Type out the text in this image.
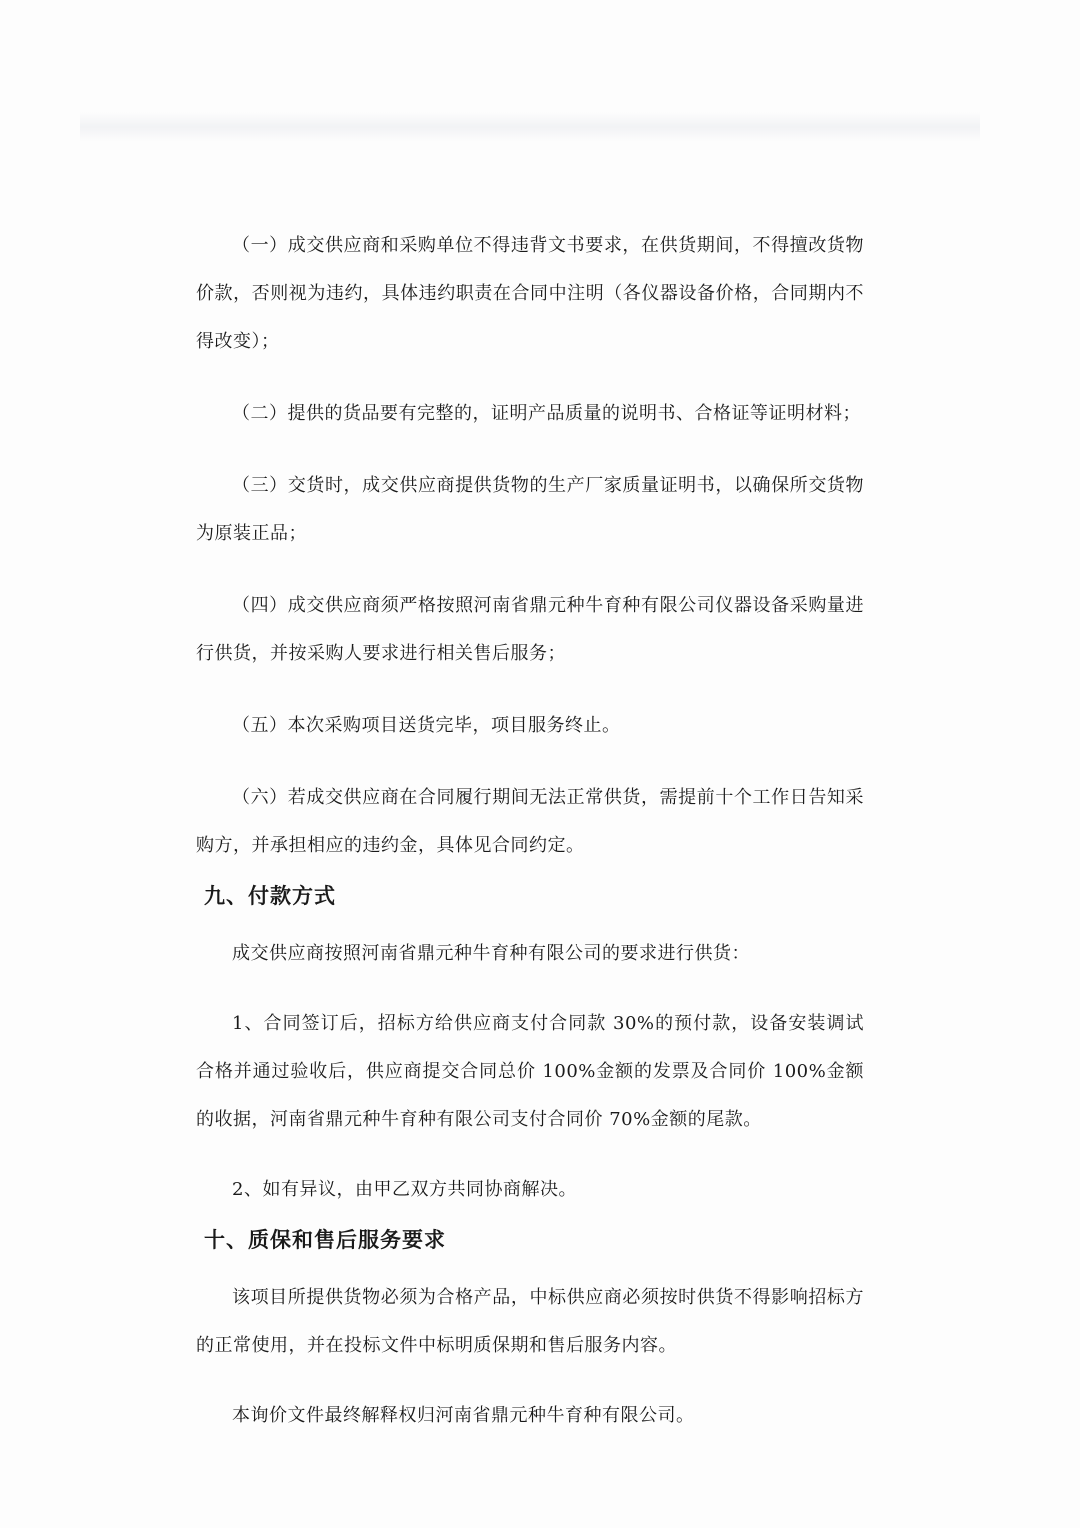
（一）成交供应商和采购单位不得违背文书要求，在供货期间，不得擅改货物价款，否则视为违约，具体违约职责在合同中注明（各仪器设备价格，合同期内不得改变）；

（二）提供的货品要有完整的，证明产品质量的说明书、合格证等证明材料；

（三）交货时，成交供应商提供货物的生产厂家质量证明书，以确保所交货物为原装正品；

（四）成交供应商须严格按照河南省鼎元种牛育种有限公司仪器设备采购量进行供货，并按采购人要求进行相关售后服务；

（五）本次采购项目送货完毕，项目服务终止。

（六）若成交供应商在合同履行期间无法正常供货，需提前十个工作日告知采购方，并承担相应的违约金，具体见合同约定。

九、付款方式

成交供应商按照河南省鼎元种牛育种有限公司的要求进行供货：

1、合同签订后，招标方给供应商支付合同款 30%的预付款，设备安装调试合格并通过验收后，供应商提交合同总价 100%金额的发票及合同价 100%金额的收据，河南省鼎元种牛育种有限公司支付合同价 70%金额的尾款。

2、如有异议，由甲乙双方共同协商解决。

十、质保和售后服务要求

该项目所提供货物必须为合格产品，中标供应商必须按时供货不得影响招标方的正常使用，并在投标文件中标明质保期和售后服务内容。

本询价文件最终解释权归河南省鼎元种牛育种有限公司。
